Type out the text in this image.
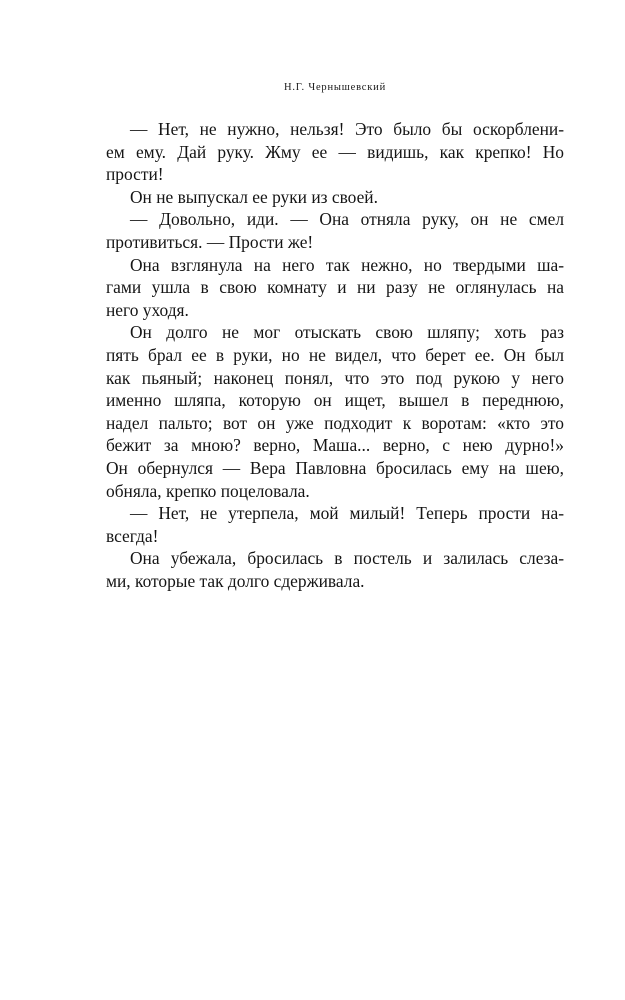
Н.Г. Чернышевский
— Нет, не нужно, нельзя! Это было бы оскорблени-
ем ему. Дай руку. Жму ее — видишь, как крепко! Но
прости!
Он не выпускал ее руки из своей.
— Довольно, иди. — Она отняла руку, он не смел
противиться. — Прости же!
Она взглянула на него так нежно, но твердыми ша-
гами ушла в свою комнату и ни разу не оглянулась на
него уходя.
Он долго не мог отыскать свою шляпу; хоть раз
пять брал ее в руки, но не видел, что берет ее. Он был
как пьяный; наконец понял, что это под рукою у него
именно шляпа, которую он ищет, вышел в переднюю,
надел пальто; вот он уже подходит к воротам: «кто это
бежит за мною? верно, Маша... верно, с нею дурно!»
Он обернулся — Вера Павловна бросилась ему на шею,
обняла, крепко поцеловала.
— Нет, не утерпела, мой милый! Теперь прости на-
всегда!
Она убежала, бросилась в постель и залилась слеза-
ми, которые так долго сдерживала.
